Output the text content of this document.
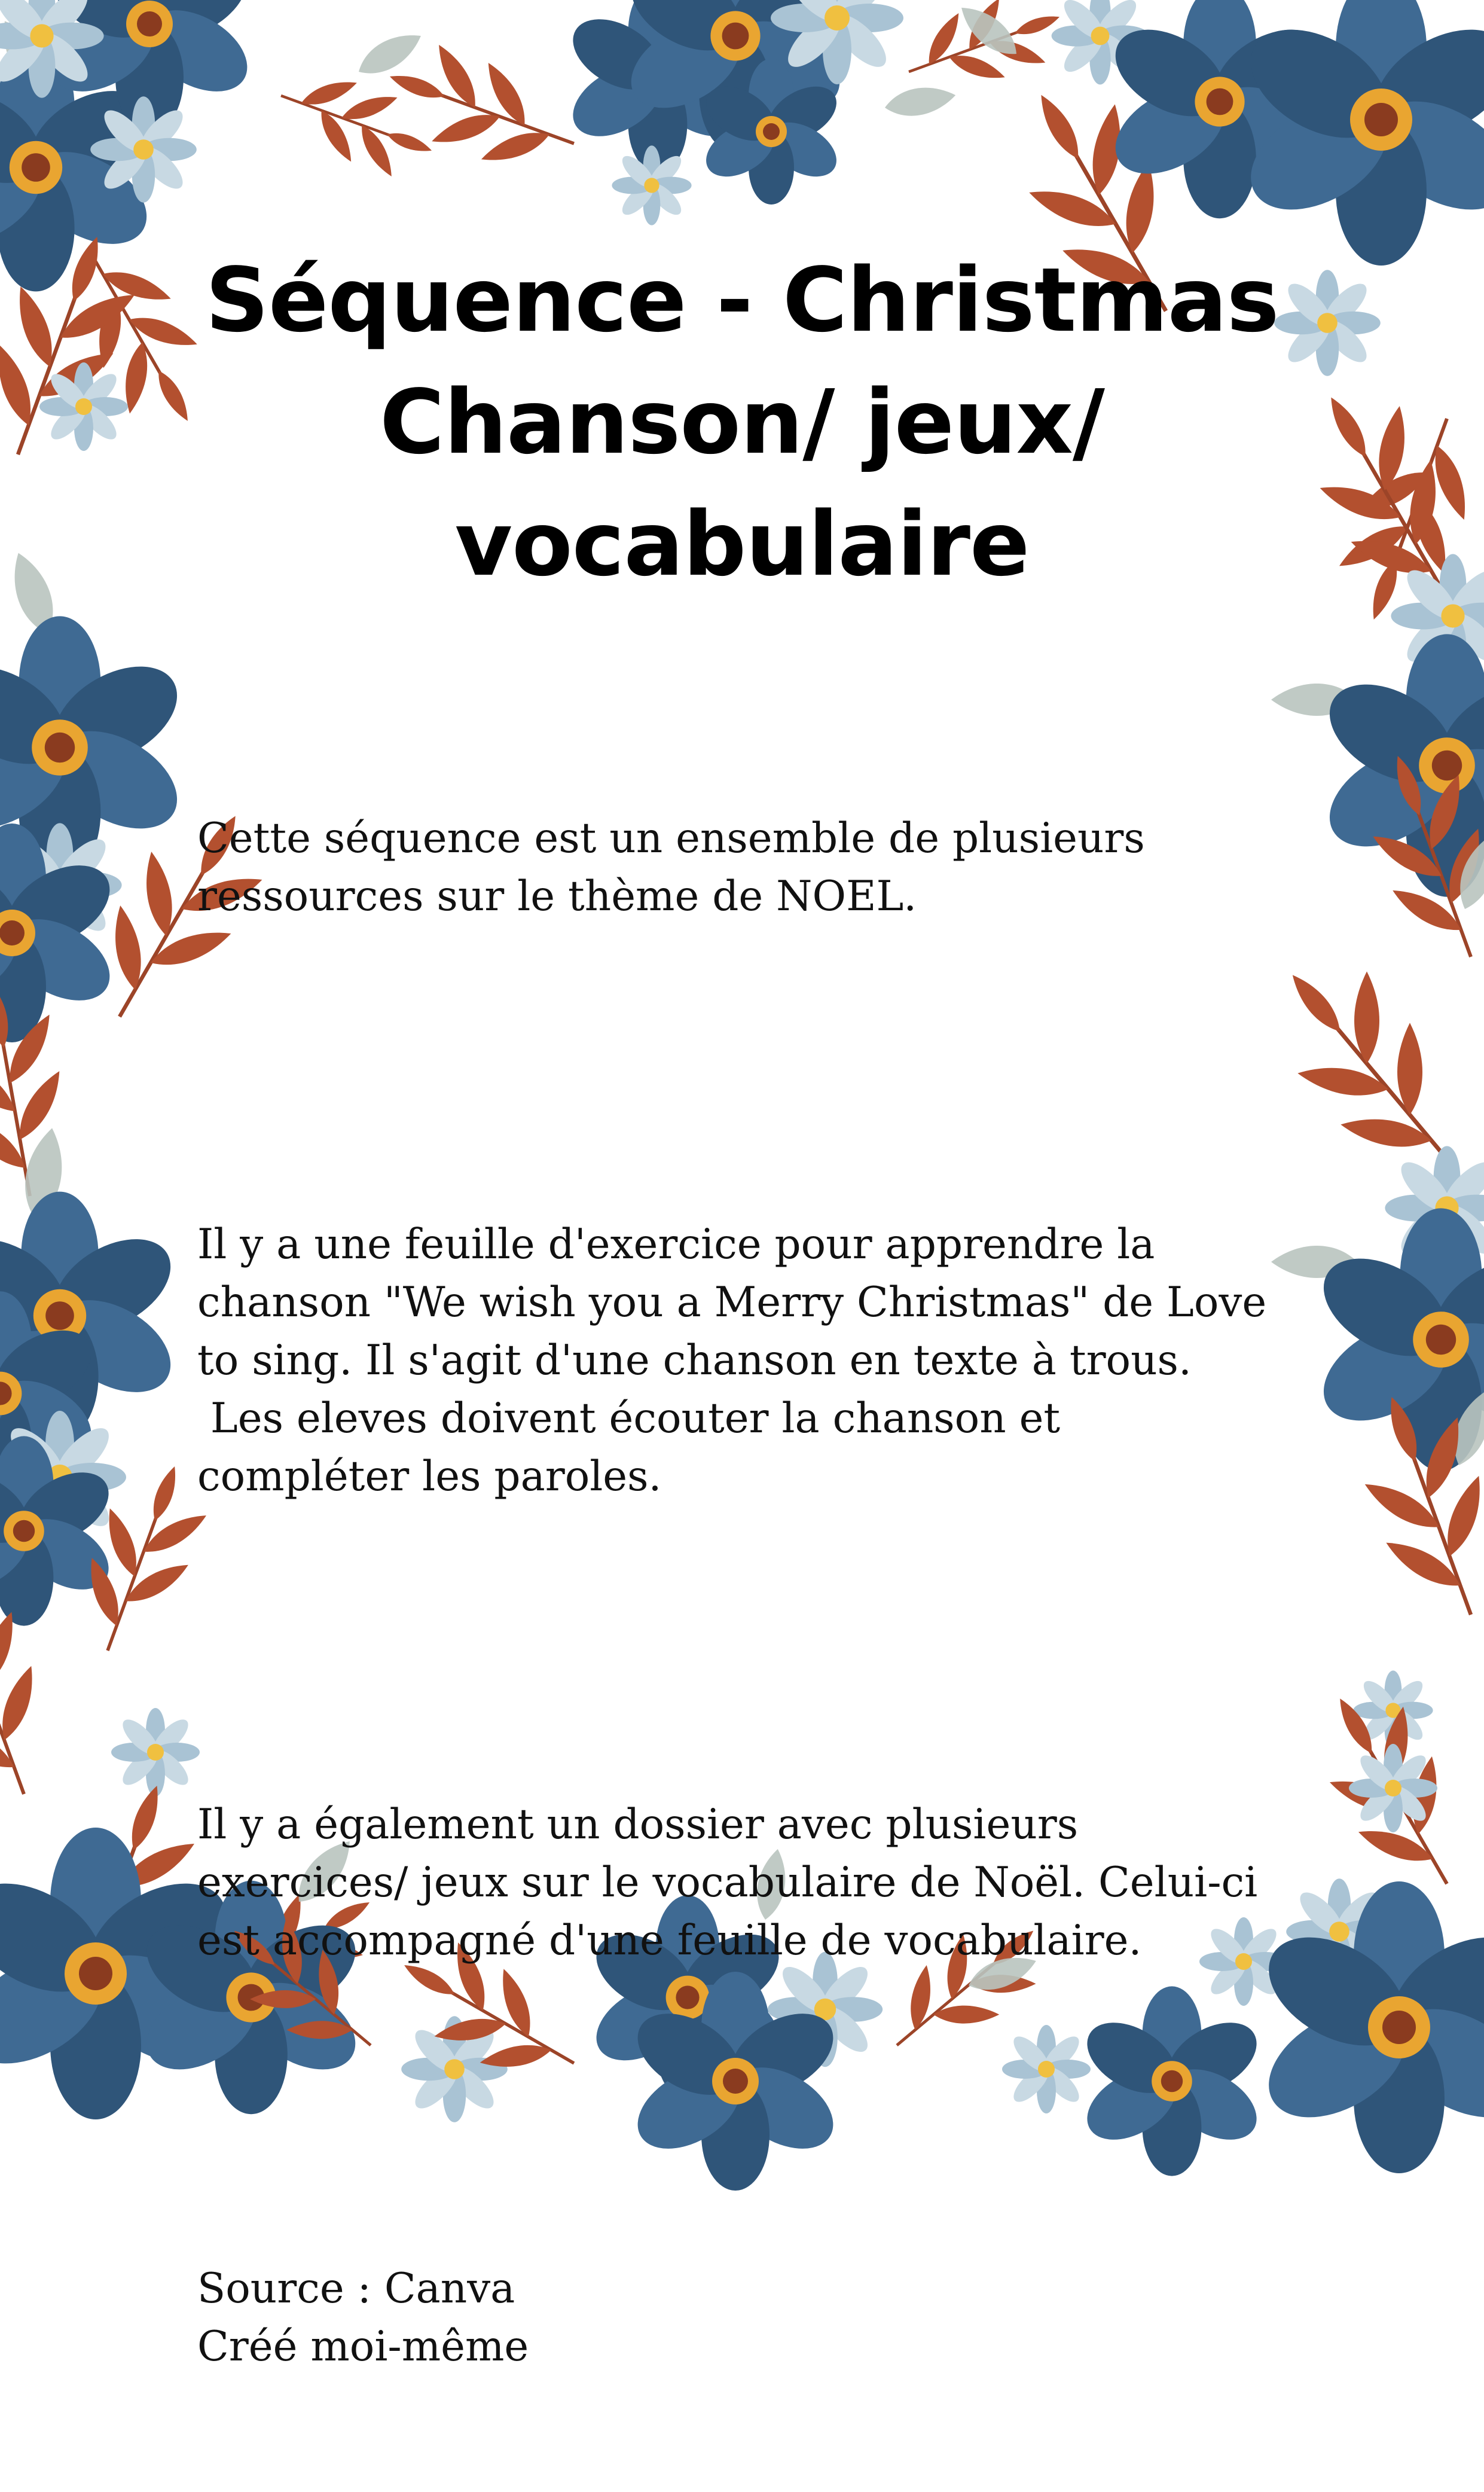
Séquence - Christmas
Chanson/ jeux/
vocabulaire

Cette séquence est un ensemble de plusieurs
ressources sur le thème de NOEL.

Il y a une feuille d'exercice pour apprendre la
chanson "We wish you a Merry Christmas" de Love
to sing. Il s'agit d'une chanson en texte à trous.
Les eleves doivent écouter la chanson et
compléter les paroles.

Il y a également un dossier avec plusieurs
exercices/ jeux sur le vocabulaire de Noël. Celui-ci
est accompagné d'une feuille de vocabulaire.

Source : Canva
Créé moi-même
